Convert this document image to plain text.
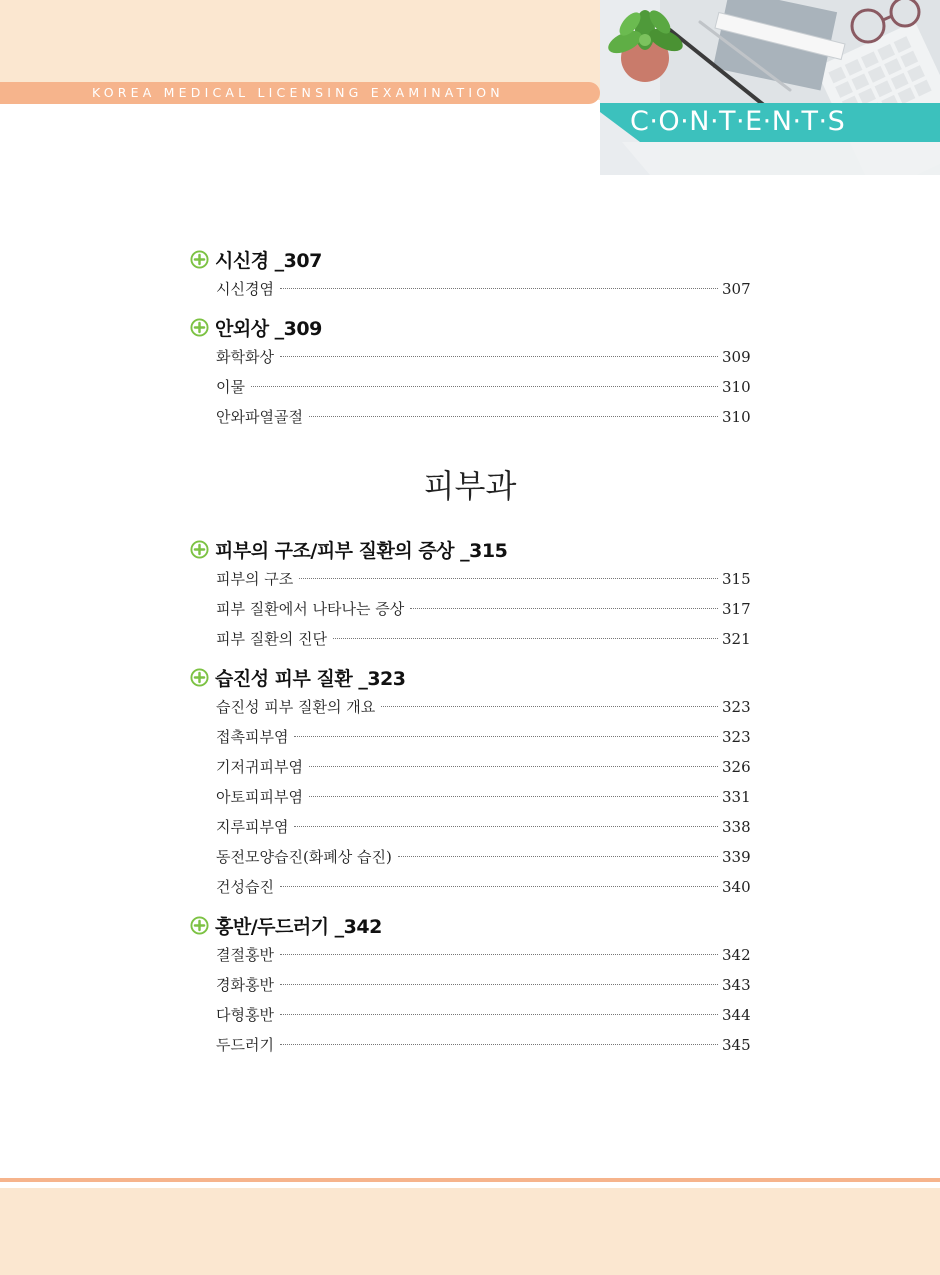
KOREA MEDICAL LICENSING EXAMINATION
C·O·N·T·E·N·T·S
시신경 _307
시신경염	307
안외상 _309
화학화상	309
이물	310
안와파열골절	310
피부과
피부의 구조/피부 질환의 증상 _315
피부의 구조	315
피부 질환에서 나타나는 증상	317
피부 질환의 진단	321
습진성 피부 질환 _323
습진성 피부 질환의 개요	323
접촉피부염	323
기저귀피부염	326
아토피피부염	331
지루피부염	338
동전모양습진(화폐상 습진)	339
건성습진	340
홍반/두드러기 _342
결절홍반	342
경화홍반	343
다형홍반	344
두드러기	345
